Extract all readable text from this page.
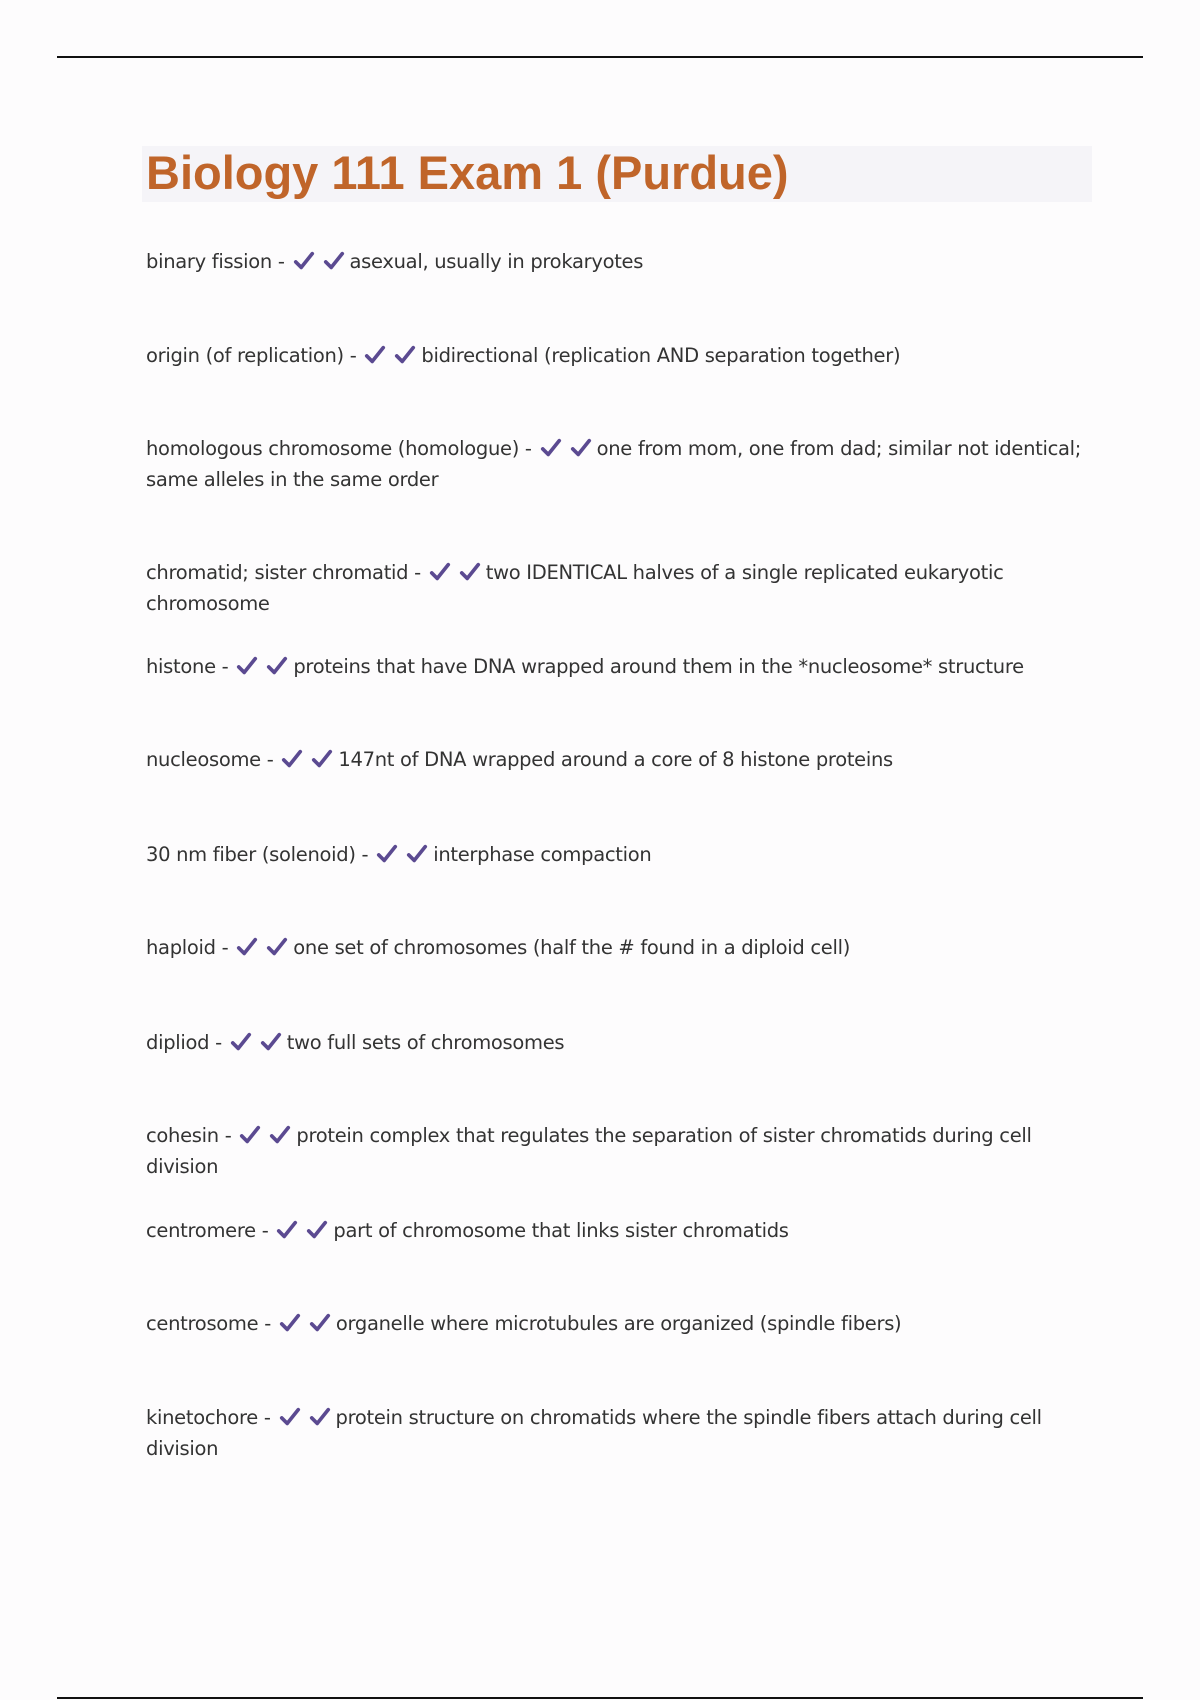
Biology 111 Exam 1 (Purdue)
binary fission -	asexual, usually in prokaryotes
origin (of replication) -	bidirectional (replication AND separation together)
homologous chromosome (homologue) -	one from mom, one from dad; similar not identical; same alleles in the same order
chromatid; sister chromatid -	two IDENTICAL halves of a single replicated eukaryotic chromosome
histone -	proteins that have DNA wrapped around them in the *nucleosome* structure
nucleosome -	147nt of DNA wrapped around a core of 8 histone proteins
30 nm fiber (solenoid) -	interphase compaction
haploid -	one set of chromosomes (half the # found in a diploid cell)
dipliod -	two full sets of chromosomes
cohesin -	protein complex that regulates the separation of sister chromatids during cell division
centromere -	part of chromosome that links sister chromatids
centrosome -	organelle where microtubules are organized (spindle fibers)
kinetochore -	protein structure on chromatids where the spindle fibers attach during cell division
